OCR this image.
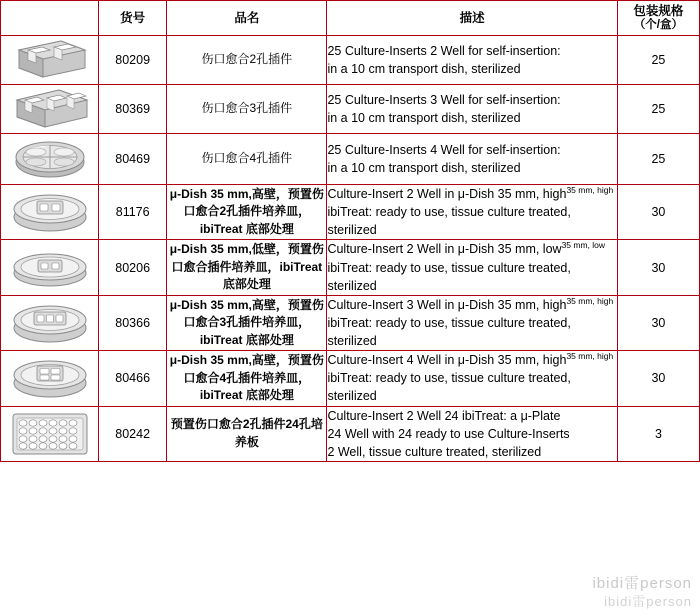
	货号	品名	描述	包装规格
（个/盒）

	80209	伤口愈合2孔插件	25 Culture-Inserts 2 Well for self-insertion:
in a 10 cm transport dish, sterilized	25

	80369	伤口愈合3孔插件	25 Culture-Inserts 3 Well for self-insertion:
in a 10 cm transport dish, sterilized	25

	80469	伤口愈合4孔插件	25 Culture-Inserts 4 Well for self-insertion:
in a 10 cm transport dish, sterilized	25

	81176	μ-Dish 35 mm,高壁，预置伤口愈合2孔插件培养皿，ibiTreat 底部处理	Culture-Insert 2 Well in μ-Dish 35 mm, high$^{35 mm, high}$
ibiTreat: ready to use, tissue culture treated,
sterilized	30

	80206	μ-Dish 35 mm,低壁，预置伤口愈合插件培养皿，ibiTreat 底部处理	Culture-Insert 2 Well in μ-Dish 35 mm, low$^{35 mm, low}$
ibiTreat: ready to use, tissue culture treated,
sterilized	30

	80366	μ-Dish 35 mm,高壁，预置伤口愈合3孔插件培养皿，ibiTreat 底部处理	Culture-Insert 3 Well in μ-Dish 35 mm, high$^{35 mm, high}$
ibiTreat: ready to use, tissue culture treated,
sterilized	30

	80466	μ-Dish 35 mm,高壁，预置伤口愈合4孔插件培养皿，ibiTreat 底部处理	Culture-Insert 4 Well in μ-Dish 35 mm, high$^{35 mm, high}$
ibiTreat: ready to use, tissue culture treated,
sterilized	30

	80242	预置伤口愈合2孔插件24孔培养板	Culture-Insert 2 Well 24 ibiTreat: a μ-Plate
24 Well with 24 ready to use Culture-Inserts
2 Well, tissue culture treated, sterilized	3
ibidi雷person
ibidi雷person
